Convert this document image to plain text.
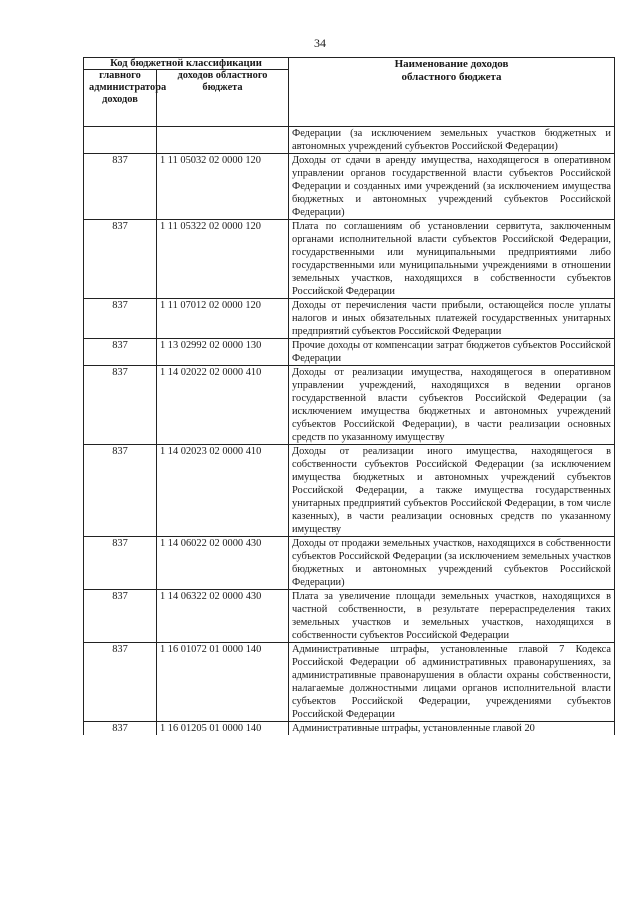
34
Код бюджетной классификации		Наименование доходов областного бюджета
главного администратора доходов	доходов областного бюджета	
		Федерации (за исключением земельных участков бюджетных и автономных учреждений субъектов Российской Федерации)
837	1 11 05032 02 0000 120	Доходы от сдачи в аренду имущества, находящегося в оперативном управлении органов государственной власти субъектов Российской Федерации и созданных ими учреждений (за исключением имущества бюджетных и автономных учреждений субъектов Российской Федерации)
837	1 11 05322 02 0000 120	Плата по соглашениям об установлении сервитута, заключенным органами исполнительной власти субъектов Российской Федерации, государственными или муниципальными предприятиями либо государственными или муниципальными учреждениями в отношении земельных участков, находящихся в собственности субъектов Российской Федерации
837	1 11 07012 02 0000 120	Доходы от перечисления части прибыли, остающейся после уплаты налогов и иных обязательных платежей государственных унитарных предприятий субъектов Российской Федерации
837	1 13 02992 02 0000 130	Прочие доходы от компенсации затрат бюджетов субъектов Российской Федерации
837	1 14 02022 02 0000 410	Доходы от реализации имущества, находящегося в оперативном управлении учреждений, находящихся в ведении органов государственной власти субъектов Российской Федерации (за исключением имущества бюджетных и автономных учреждений субъектов Российской Федерации), в части реализации основных средств по указанному имуществу
837	1 14 02023 02 0000 410	Доходы от реализации иного имущества, находящегося в собственности субъектов Российской Федерации (за исключением имущества бюджетных и автономных учреждений субъектов Российской Федерации, а также имущества государственных унитарных предприятий субъектов Российской Федерации, в том числе казенных), в части реализации основных средств по указанному имуществу
837	1 14 06022 02 0000 430	Доходы от продажи земельных участков, находящихся в собственности субъектов Российской Федерации (за исключением земельных участков бюджетных и автономных учреждений субъектов Российской Федерации)
837	1 14 06322 02 0000 430	Плата за увеличение площади земельных участков, находящихся в частной собственности, в результате перераспределения таких земельных участков и земельных участков, находящихся в собственности субъектов Российской Федерации
837	1 16 01072 01 0000 140	Административные штрафы, установленные главой 7 Кодекса Российской Федерации об административных правонарушениях, за административные правонарушения в области охраны собственности, налагаемые должностными лицами органов исполнительной власти субъектов Российской Федерации, учреждениями субъектов Российской Федерации
837	1 16 01205 01 0000 140	Административные штрафы, установленные главой 20
